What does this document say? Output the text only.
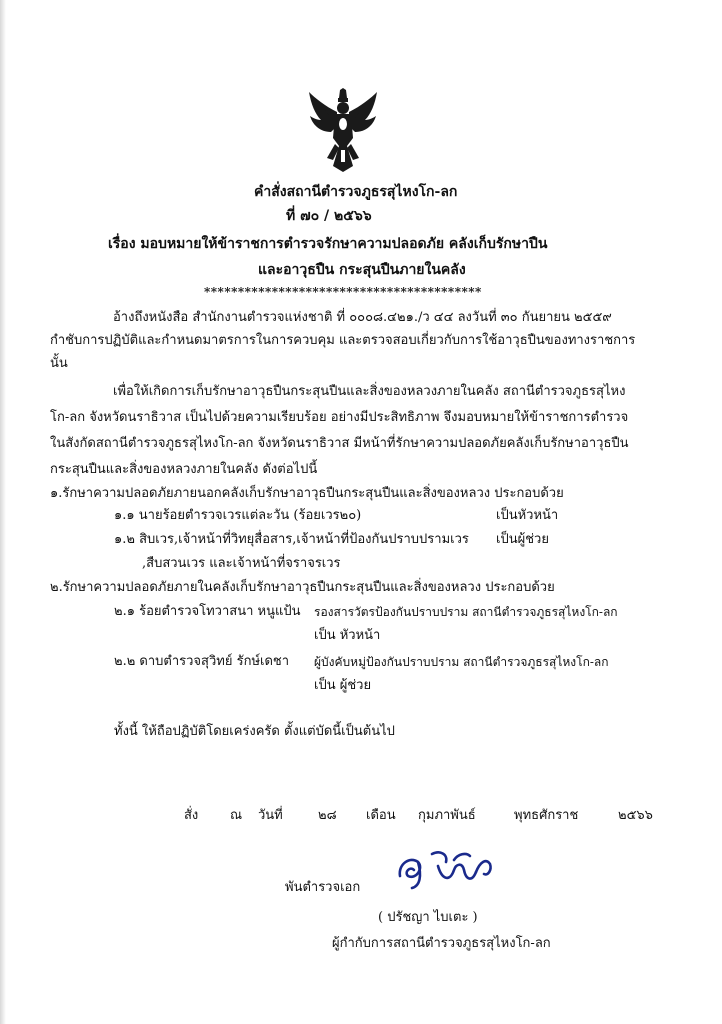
คำสั่งสถานีตำรวจภูธรสุไหงโก-ลก
ที่ ๗๐ / ๒๕๖๖
เรื่อง มอบหมายให้ข้าราชการตำรวจรักษาความปลอดภัย คลังเก็บรักษาปืน
และอาวุธปืน กระสุนปืนภายในคลัง
*****************************************
อ้างถึงหนังสือ สำนักงานตำรวจแห่งชาติ ที่ ๐๐๐๘.๔๒๑./ว ๔๔ ลงวันที่ ๓๐ กันยายน ๒๕๕๙
กำชับการปฏิบัติและกำหนดมาตรการในการควบคุม และตรวจสอบเกี่ยวกับการใช้อาวุธปืนของทางราชการ
นั้น
เพื่อให้เกิดการเก็บรักษาอาวุธปืนกระสุนปืนและสิ่งของหลวงภายในคลัง สถานีตำรวจภูธรสุไหง
โก-ลก จังหวัดนราธิวาส เป็นไปด้วยความเรียบร้อย อย่างมีประสิทธิภาพ จึงมอบหมายให้ข้าราชการตำรวจ
ในสังกัดสถานีตำรวจภูธรสุไหงโก-ลก จังหวัดนราธิวาส มีหน้าที่รักษาความปลอดภัยคลังเก็บรักษาอาวุธปืน
กระสุนปืนและสิ่งของหลวงภายในคลัง ดังต่อไปนี้
๑.รักษาความปลอดภัยภายนอกคลังเก็บรักษาอาวุธปืนกระสุนปืนและสิ่งของหลวง ประกอบด้วย
๑.๑ นายร้อยตำรวจเวรแต่ละวัน (ร้อยเวร๒๐)	เป็นหัวหน้า
๑.๒ สิบเวร,เจ้าหน้าที่วิทยุสื่อสาร,เจ้าหน้าที่ป้องกันปราบปรามเวร เป็นผู้ช่วย
,สืบสวนเวร และเจ้าหน้าที่จราจรเวร
๒.รักษาความปลอดภัยภายในคลังเก็บรักษาอาวุธปืนกระสุนปืนและสิ่งของหลวง ประกอบด้วย
๒.๑ ร้อยตำรวจโทวาสนา หนูแป้น รองสารวัตรป้องกันปราบปราม สถานีตำรวจภูธรสุไหงโก-ลก
เป็น หัวหน้า
๒.๒ ดาบตำรวจสุวิทย์ รักษ์เดชา ผู้บังคับหมู่ป้องกันปราบปราม สถานีตำรวจภูธรสุไหงโก-ลก
เป็น ผู้ช่วย
ทั้งนี้ ให้ถือปฏิบัติโดยเคร่งครัด ตั้งแต่บัดนี้เป็นต้นไป
สั่ง ณ วันที่	๒๘ เดือน กุมภาพันธ์	พุทธศักราช	๒๕๖๖
พันตำรวจเอก
( ปรัชญา ไบเตะ )
ผู้กำกับการสถานีตำรวจภูธรสุไหงโก-ลก
